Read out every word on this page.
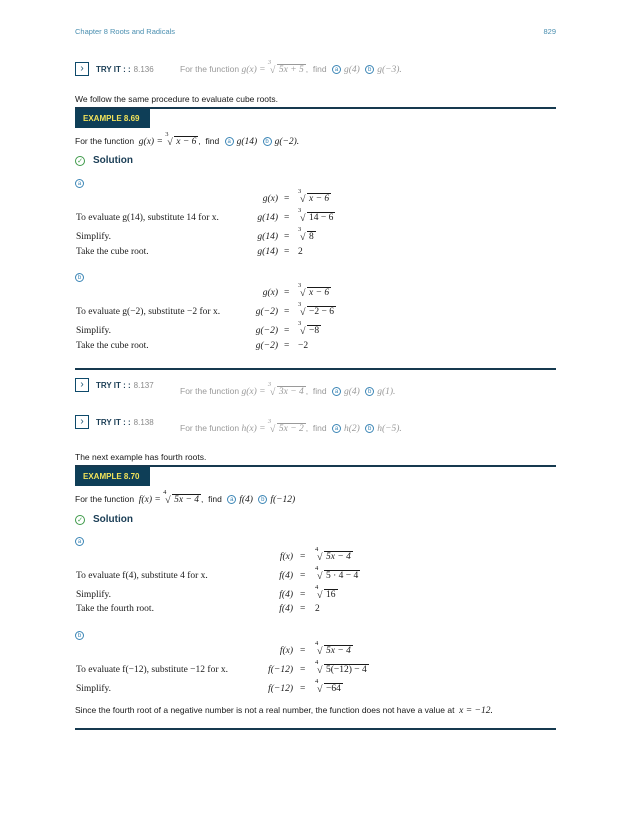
Chapter 8 Roots and Radicals	829
›	TRY IT : : 8.136	For the function g(x) =
3
√ 5x + 5 ,  find a g(4) b g(−3).
We follow the same procedure to evaluate cube roots.
EXAMPLE 8.69
For the function g(x) =
3
√ x − 6 , find a g(14) b g(−2).
✓ Solution
a
g(x) =
3
√ x − 6
To evaluate g(14), substitute 14 for x.	g(14) =
3
√ 14 − 6
Simplify.	g(14) =
3
√ 8
Take the cube root.	g(14) = 2
b
g(x) =
3
√ x − 6
To evaluate g(−2), substitute −2 for x.	g(−2) =
3
√ −2 − 6
Simplify.	g(−2) =
3
√ −8
Take the cube root.	g(−2) = −2
›	TRY IT : : 8.137
For the function g(x) =
3
√ 3x − 4 ,  find a g(4) b g(1).
›	TRY IT : : 8.138
For the function h(x) =
3
√ 5x − 2 ,  find a h(2) b h(−5).
The next example has fourth roots.
EXAMPLE 8.70
For the function f(x) =
4
√ 5x − 4 , find a f(4) b f(−12)
✓ Solution
a
f(x) =
4
√ 5x − 4
To evaluate f(4), substitute 4 for x.	f(4) =
4
√ 5 · 4 − 4
Simplify.	f(4) =
4
√ 16
Take the fourth root.	f(4) = 2
b
f(x) =
4
√ 5x − 4
To evaluate f(−12), substitute −12 for x.	f(−12) =
4
√ 5(−12) − 4
Simplify.	f(−12) =
4
√ −64
Since the fourth root of a negative number is not a real number, the function does not have a value at x = −12.
